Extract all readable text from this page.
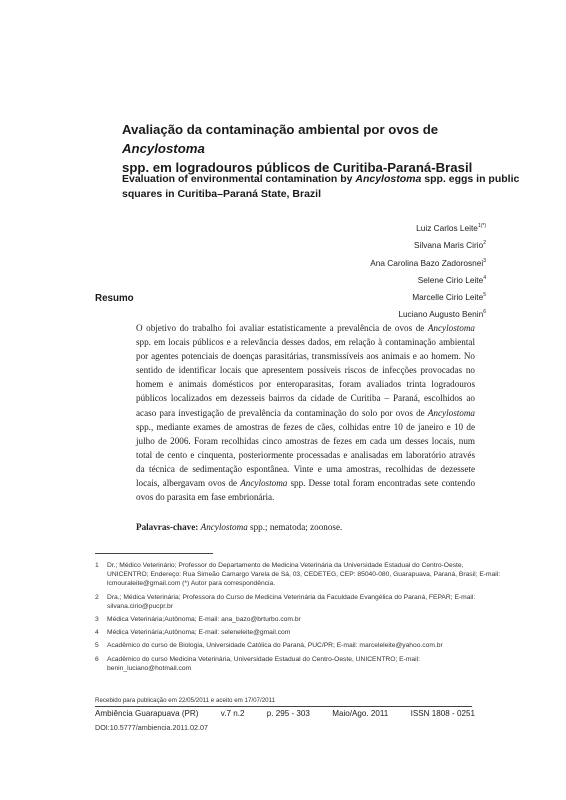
Avaliação da contaminação ambiental por ovos de Ancylostoma
spp. em logradouros públicos de Curitiba-Paraná-Brasil
Evaluation of environmental contamination by Ancylostoma spp. eggs in public squares in Curitiba–Paraná State, Brazil
Luiz Carlos Leite$^{1(*)}$
Silvana Maris Cirio$^2$
Ana Carolina Bazo Zadorosnei$^3$
Selene Cirio Leite$^4$
Marcelle Cirio Leite$^5$
Luciano Augusto Benin$^6$
Resumo
O objetivo do trabalho foi avaliar estatisticamente a prevalência de ovos de Ancylostoma spp. em locais públicos e a relevância desses dados, em relação à contaminação ambiental por agentes potenciais de doenças parasitárias, transmissíveis aos animais e ao homem. No sentido de identificar locais que apresentem possíveis riscos de infecções provocadas no homem e animais domésticos por enteroparasitas, foram avaliados trinta logradouros públicos localizados em dezesseis bairros da cidade de Curitiba – Paraná, escolhidos ao acaso para investigação de prevalência da contaminação do solo por ovos de Ancylostoma spp., mediante exames de amostras de fezes de cães, colhidas entre 10 de janeiro e 10 de julho de 2006. Foram recolhidas cinco amostras de fezes em cada um desses locais, num total de cento e cinquenta, posteriormente processadas e analisadas em laboratório através da técnica de sedimentação espontânea. Vinte e uma amostras, recolhidas de dezessete locais, albergavam ovos de Ancylostoma spp. Desse total foram encontradas sete contendo ovos do parasita em fase embrionária.
Palavras-chave: Ancylostoma spp.; nematoda; zoonose.
1	Dr.; Médico Veterinário; Professor do Departamento de Medicina Veterinária da Universidade Estadual do Centro-Oeste, UNICENTRO; Endereço: Rua Simeão Camargo Varela de Sá, 03, CEDETEG, CEP: 85040-080, Guarapuava, Paraná, Brasil; E-mail: lcmouraleite@gmail.com (*) Autor para correspondência.
2	Dra.; Médica Veterinária; Professora do Curso de Medicina Veterinária da Faculdade Evangélica do Paraná, FEPAR; E-mail: silvana.cirio@pucpr.br
3	Médica Veterinária;Autônoma; E-mail: ana_bazo@brturbo.com.br
4	Médica Veterinária;Autônoma; E-mail: seleneleite@gmail.com
5	Acadêmico do curso de Biologia, Universidade Católica do Paraná, PUC/PR; E-mail: marceleleite@yahoo.com.br
6	Acadêmico do curso Medicina Veterinária, Universidade Estadual do Centro-Oeste, UNICENTRO; E-mail: benin_luciano@hotmail.com
Recebido para publicação em 22/05/2011 e aceito em 17/07/2011
Ambiência Guarapuava (PR)	v.7 n.2	p. 295 - 303	Maio/Ago. 2011	ISSN 1808 - 0251
DOI:10.5777/ambiencia.2011.02.07
